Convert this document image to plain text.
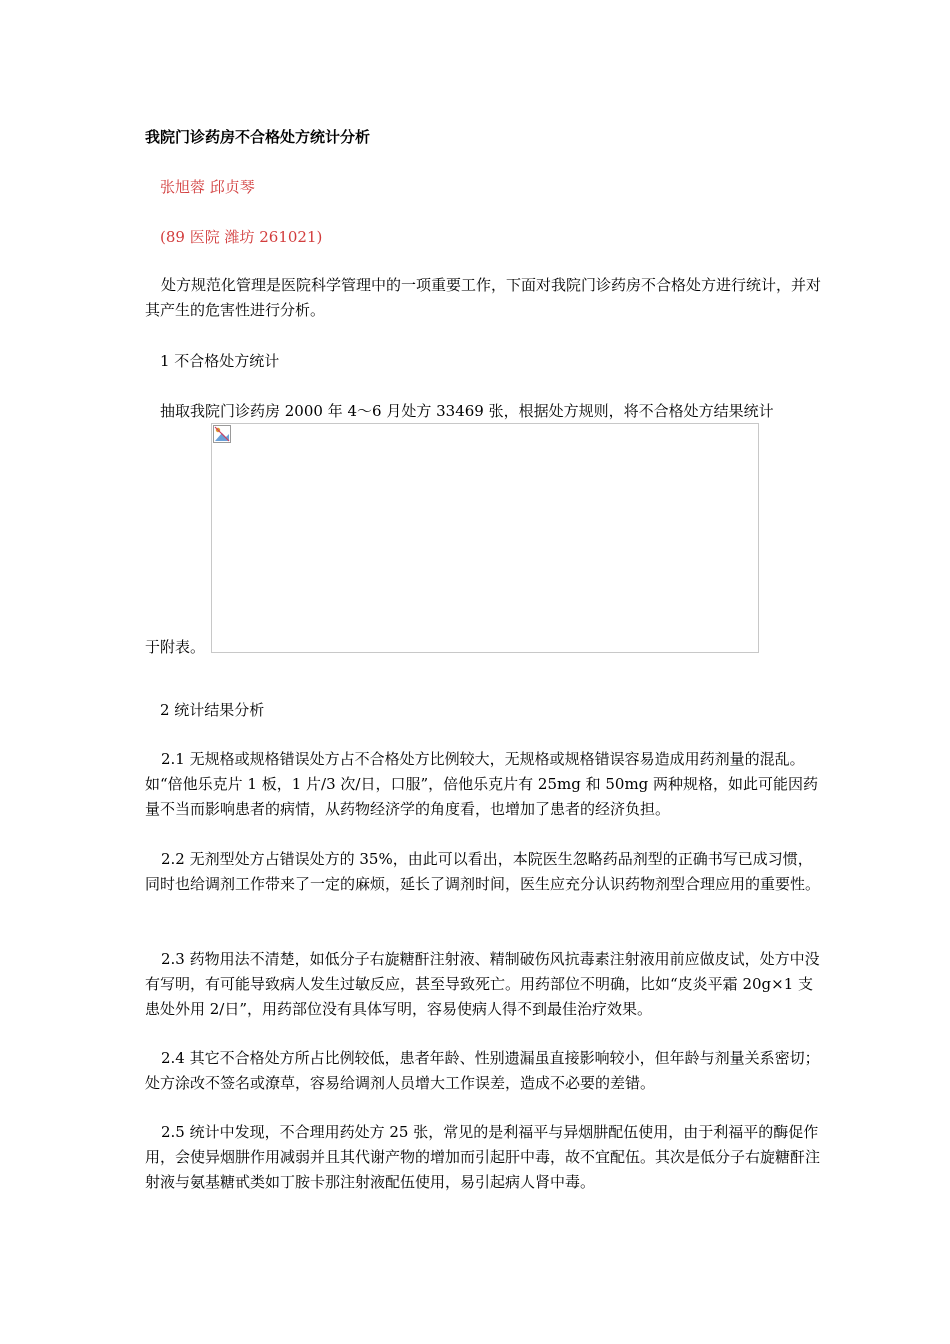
我院门诊药房不合格处方统计分析
张旭蓉 邱贞琴
(89 医院 潍坊 261021)

处方规范化管理是医院科学管理中的一项重要工作，下面对我院门诊药房不合格处方进行统计，并对其产生的危害性进行分析。

1 不合格处方统计
抽取我院门诊药房 2000 年 4～6 月处方 33469 张，根据处方规则，将不合格处方结果统计
于附表。
2 统计结果分析

2.1 无规格或规格错误处方占不合格处方比例较大，无规格或规格错误容易造成用药剂量的混乱。如“倍他乐克片 1 板，1 片/3 次/日，口服”，倍他乐克片有 25mg 和 50mg 两种规格，如此可能因药量不当而影响患者的病情，从药物经济学的角度看，也增加了患者的经济负担。

2.2 无剂型处方占错误处方的 35%，由此可以看出，本院医生忽略药品剂型的正确书写已成习惯，同时也给调剂工作带来了一定的麻烦，延长了调剂时间，医生应充分认识药物剂型合理应用的重要性。

2.3 药物用法不清楚，如低分子右旋糖酐注射液、精制破伤风抗毒素注射液用前应做皮试，处方中没有写明，有可能导致病人发生过敏反应，甚至导致死亡。用药部位不明确，比如“皮炎平霜 20g×1 支患处外用 2/日”，用药部位没有具体写明，容易使病人得不到最佳治疗效果。

2.4 其它不合格处方所占比例较低，患者年龄、性别遗漏虽直接影响较小，但年龄与剂量关系密切；处方涂改不签名或潦草，容易给调剂人员增大工作误差，造成不必要的差错。

2.5 统计中发现，不合理用药处方 25 张，常见的是利福平与异烟肼配伍使用，由于利福平的酶促作用，会使异烟肼作用减弱并且其代谢产物的增加而引起肝中毒，故不宜配伍。其次是低分子右旋糖酐注射液与氨基糖甙类如丁胺卡那注射液配伍使用，易引起病人肾中毒。
